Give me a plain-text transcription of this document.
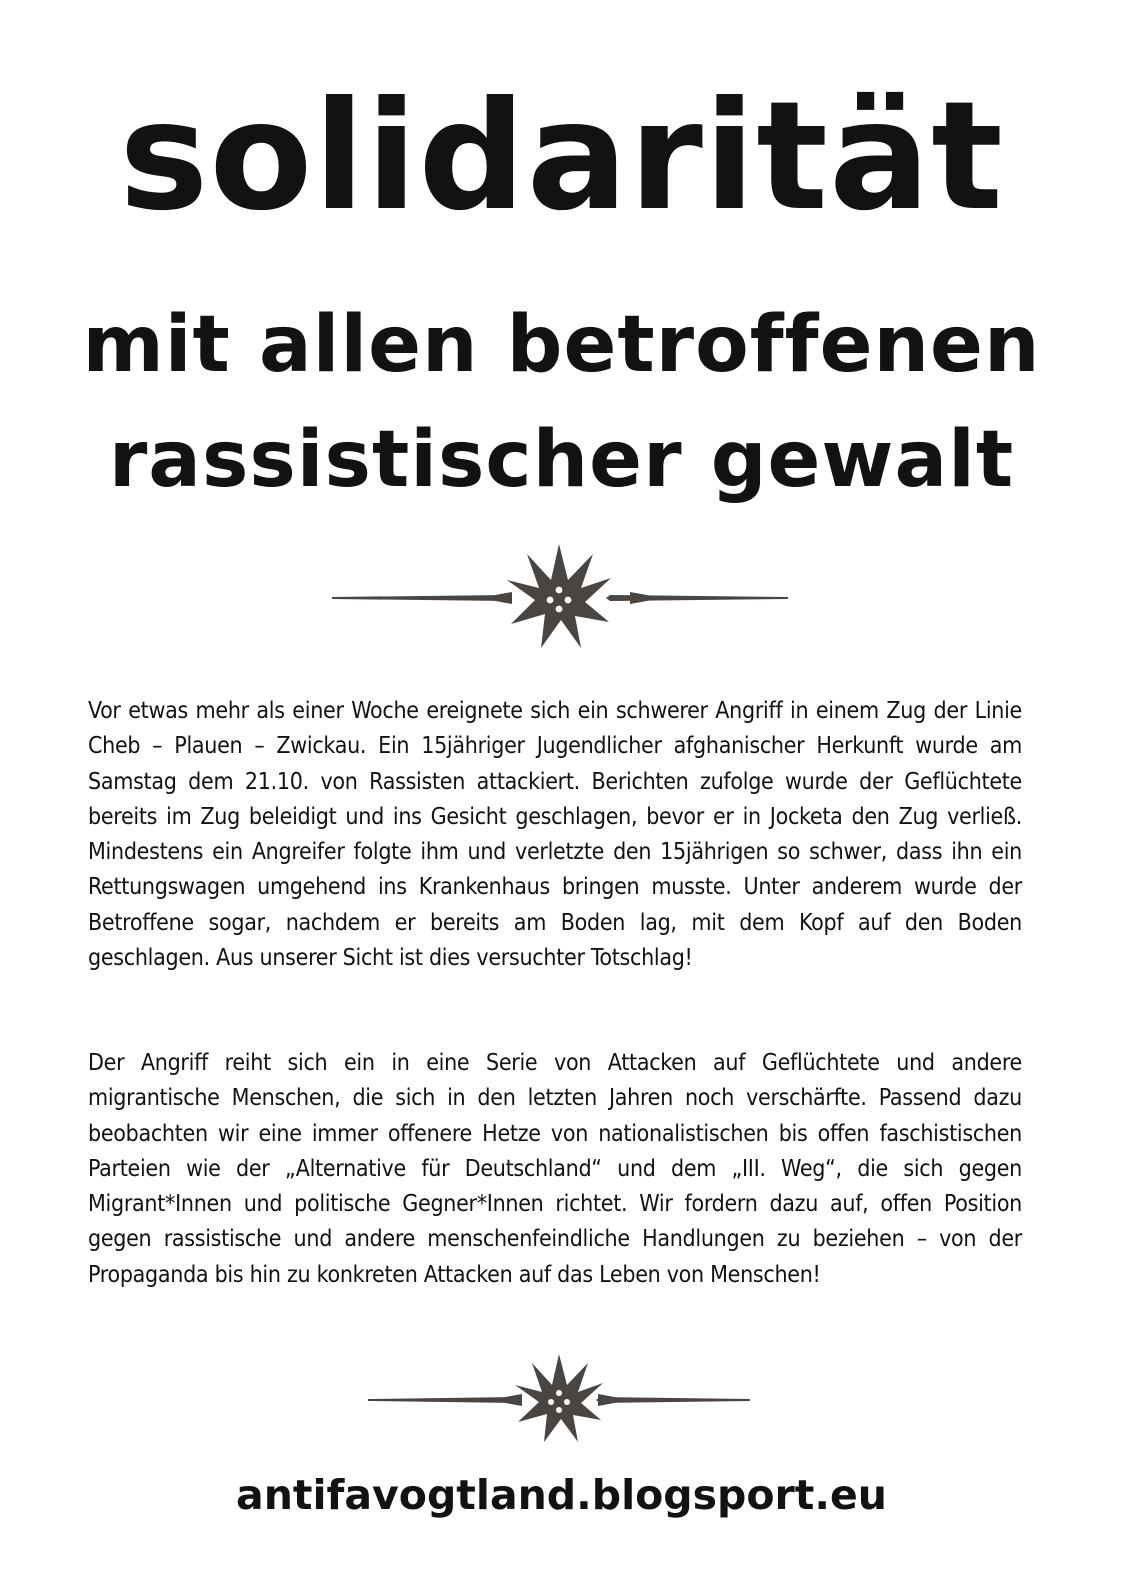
solidarität
mit allen betroffenen
rassistischer gewalt
Vor etwas mehr als einer Woche ereignete sich ein schwerer Angriff in einem Zug der Linie Cheb – Plauen – Zwickau. Ein 15jähriger Jugendlicher afghanischer Herkunft wurde am Samstag dem 21.10. von Rassisten attackiert. Berichten zufolge wurde der Geflüchtete bereits im Zug beleidigt und ins Gesicht geschlagen, bevor er in Jocketa den Zug verließ. Mindestens ein Angreifer folgte ihm und verletzte den 15jährigen so schwer, dass ihn ein Rettungswagen umgehend ins Krankenhaus bringen musste. Unter anderem wurde der Betroffene sogar, nachdem er bereits am Boden lag, mit dem Kopf auf den Boden geschlagen. Aus unserer Sicht ist dies versuchter Totschlag!
Der Angriff reiht sich ein in eine Serie von Attacken auf Geflüchtete und andere migrantische Menschen, die sich in den letzten Jahren noch verschärfte. Passend dazu beobachten wir eine immer offenere Hetze von nationalistischen bis offen faschistischen Parteien wie der „Alternative für Deutschland“ und dem „III. Weg“, die sich gegen Migrant*Innen und politische Gegner*Innen richtet. Wir fordern dazu auf, offen Position gegen rassistische und andere menschenfeindliche Handlungen zu beziehen – von der Propaganda bis hin zu konkreten Attacken auf das Leben von Menschen!
antifavogtland.blogsport.eu
